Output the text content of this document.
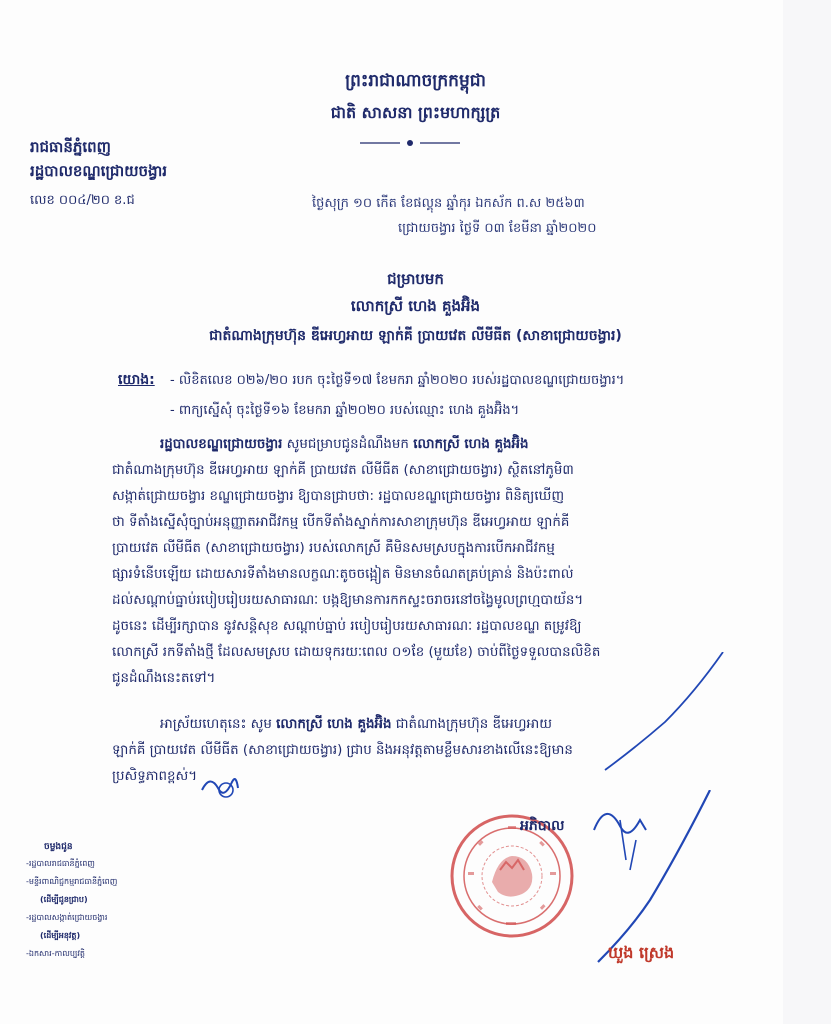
ព្រះរាជាណាចក្រកម្ពុជា
ជាតិ សាសនា ព្រះមហាក្សត្រ
រាជធានីភ្នំពេញ
រដ្ឋបាលខណ្ឌជ្រោយចង្វារ
លេខ ០០៤/២០ ខ.ជ	ថ្ងៃសុក្រ ១០ កើត ខែផល្គុន ឆ្នាំកុរ ឯកស័ក ព.ស ២៥៦៣
ជ្រោយចង្វារ ថ្ងៃទី ០៣ ខែមីនា ឆ្នាំ២០២០
ជម្រាបមក
លោកស្រី ហេង គួងអ៊ិង
ជាតំណាងក្រុមហ៊ុន ឌីអេហ្វអាយ ឡាក់គី ប្រាយវេត លីមីធីត (សាខាជ្រោយចង្វារ)
យោង: - លិខិតលេខ ០២៦/២០ របក ចុះថ្ងៃទី១៧ ខែមករា ឆ្នាំ២០២០ របស់រដ្ឋបាលខណ្ឌជ្រោយចង្វារ។
- ពាក្យស្នើសុំ ចុះថ្ងៃទី១៦ ខែមករា ឆ្នាំ២០២០ របស់ឈ្មោះ ហេង គួងអ៊ិង។
រដ្ឋបាលខណ្ឌជ្រោយចង្វារ សូមជម្រាបជូនដំណឹងមក លោកស្រី ហេង គួងអ៊ិង
ជាតំណាងក្រុមហ៊ុន ឌីអេហ្វអាយ ឡាក់គី ប្រាយវេត លីមីធីត (សាខាជ្រោយចង្វារ) ស្ថិតនៅភូមិ៣
សង្កាត់ជ្រោយចង្វារ ខណ្ឌជ្រោយចង្វារ ឱ្យបានជ្រាបថា: រដ្ឋបាលខណ្ឌជ្រោយចង្វារ ពិនិត្យឃើញ
ថា ទីតាំងស្នើសុំច្បាប់អនុញ្ញាតអាជីវកម្ម បើកទីតាំងស្នាក់ការសាខាក្រុមហ៊ុន ឌីអេហ្វអាយ ឡាក់គី
ប្រាយវេត លីមីធីត (សាខាជ្រោយចង្វារ) របស់លោកស្រី គឺមិនសមស្របក្នុងការបើកអាជីវកម្ម
ផ្សារទំនើបឡើយ ដោយសារទីតាំងមានលក្ខណៈតូចចង្អៀត មិនមានចំណតគ្រប់គ្រាន់ និងប៉ះពាល់
ដល់សណ្តាប់ធ្នាប់របៀបរៀបរយសាធារណៈ បង្កឱ្យមានការកកស្ទះចរាចរនៅចង្វៃមូលព្រហ្មបាយ័ន។
ដូចនេះ ដើម្បីរក្សាបាន នូវសន្តិសុខ សណ្តាប់ធ្នាប់ របៀបរៀបរយសាធារណៈ រដ្ឋបាលខណ្ឌ តម្រូវឱ្យ
លោកស្រី រកទីតាំងថ្មី ដែលសមស្រប ដោយទុករយៈពេល ០១ខែ (មួយខែ) ចាប់ពីថ្ងៃទទួលបានលិខិត
ជូនដំណឹងនេះតទៅ។
អាស្រ័យហេតុនេះ សូម លោកស្រី ហេង គួងអ៊ិង ជាតំណាងក្រុមហ៊ុន ឌីអេហ្វអាយ
ឡាក់គី ប្រាយវេត លីមីធីត (សាខាជ្រោយចង្វារ) ជ្រាប និងអនុវត្តតាមខ្លឹមសារខាងលើនេះឱ្យមាន
ប្រសិទ្ធភាពខ្ពស់។
ចម្លងជូន
-រដ្ឋបាលរាជធានីភ្នំពេញ
-មន្ទីរពាណិជ្ជកម្មរាជធានីភ្នំពេញ
(ដើម្បីជូនជ្រាប)
-រដ្ឋបាលសង្កាត់ជ្រោយចង្វារ
(ដើម្បីអនុវត្ត)
-ឯកសារ-កាលប្បវត្តិ
អភិបាល
ឃួង ស្រេង
